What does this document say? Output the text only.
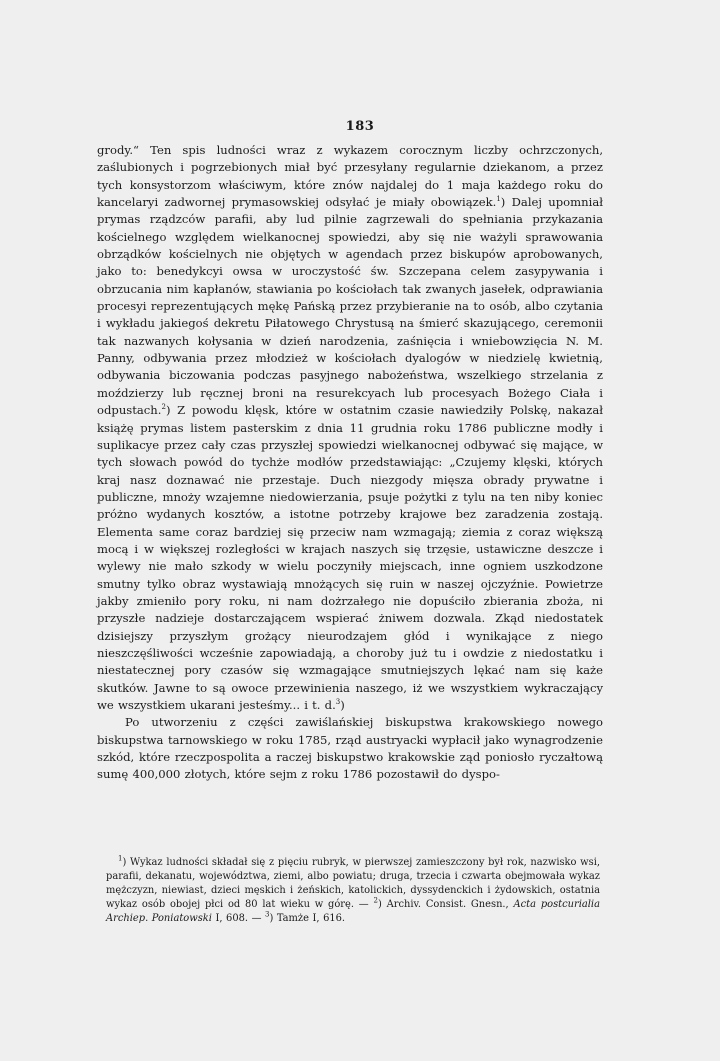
183

grody.“ Ten spis ludności wraz z wykazem corocznym liczby ochrzczonych, zaślubionych i pogrzebionych miał być przesyłany regularnie dziekanom, a przez tych konsystorzom właściwym, które znów najdalej do 1 maja każdego roku do kancelaryi zadwornej prymasowskiej odsyłać je miały obowiązek.$^1$) Dalej upomniał prymas rządzców parafii, aby lud pilnie zagrzewali do spełniania przykazania kościelnego względem wielkanocnej spowiedzi, aby się nie ważyli sprawowania obrządków kościelnych nie objętych w agendach przez biskupów aprobowanych, jako to: benedykcyi owsa w uroczystość św. Szczepana celem zasypywania i obrzucania nim kapłanów, stawiania po kościołach tak zwanych jasełek, odprawiania procesyi reprezentujących mękę Pańską przez przybieranie na to osób, albo czytania i wykładu jakiegoś dekretu Piłatowego Chrystusą na śmierć skazującego, ceremonii tak nazwanych kołysania w dzień narodzenia, zaśnięcia i wniebowzięcia N. M. Panny, odbywania przez młodzież w kościołach dyalogów w niedzielę kwietnią, odbywania biczowania podczas pasyjnego nabożeństwa, wszelkiego strzelania z moździerzy lub ręcznej broni na resurekcyach lub procesyach Bożego Ciała i odpustach.$^2$) Z powodu klęsk, które w ostatnim czasie nawiedziły Polskę, nakazał książę prymas listem pasterskim z dnia 11 grudnia roku 1786 publiczne modły i suplikacye przez cały czas przyszłej spowiedzi wielkanocnej odbywać się mające, w tych słowach powód do tychże modłów przedstawiając: „Czujemy klęski, których kraj nasz doznawać nie przestaje. Duch niezgody mięsza obrady prywatne i publiczne, mnoży wzajemne niedowierzania, psuje pożytki z tylu na ten niby koniec próżno wydanych kosztów, a istotne potrzeby krajowe bez zaradzenia zostają. Elementa same coraz bardziej się przeciw nam wzmagają; ziemia z coraz większą mocą i w większej rozległości w krajach naszych się trzęsie, ustawiczne deszcze i wylewy nie mało szkody w wielu poczyniły miejscach, inne ogniem uszkodzone smutny tylko obraz wystawiają mnożących się ruin w naszej ojczyźnie. Powietrze jakby zmieniło pory roku, ni nam dożrzałego nie dopuściło zbierania zboża, ni przyszłe nadzieje dostarczającem wspierać żniwem dozwala. Zkąd niedostatek dzisiejszy przyszłym grożący nieurodzajem głód i wynikające z niego nieszczęśliwości wcześnie zapowiadają, a choroby już tu i owdzie z niedostatku i niestatecznej pory czasów się wzmagające smutniejszych lękać nam się każe skutków. Jawne to są owoce przewinienia naszego, iż we wszystkiem wykraczający we wszystkiem ukarani jesteśmy... i t. d.$^3$)

Po utworzeniu z części zawiślańskiej biskupstwa krakowskiego nowego biskupstwa tarnowskiego w roku 1785, rząd austryacki wypłacił jako wynagrodzenie szkód, które rzeczpospolita a raczej biskupstwo krakowskie ząd poniosło ryczałtową sumę 400,000 złotych, które sejm z roku 1786 pozostawił do dyspo-

$^1$) Wykaz ludności składał się z pięciu rubryk, w pierwszej zamieszczony był rok, nazwisko wsi, parafii, dekanatu, województwa, ziemi, albo powiatu; druga, trzecia i czwarta obejmowała wykaz mężczyzn, niewiast, dzieci męskich i żeńskich, katolickich, dyssydenckich i żydowskich, ostatnia wykaz osób obojej płci od 80 lat wieku w górę. — $^2$) Archiv. Consist. Gnesn., Acta postcurialia Archiep. Poniatowski I, 608. — $^3$) Tamże I, 616.
